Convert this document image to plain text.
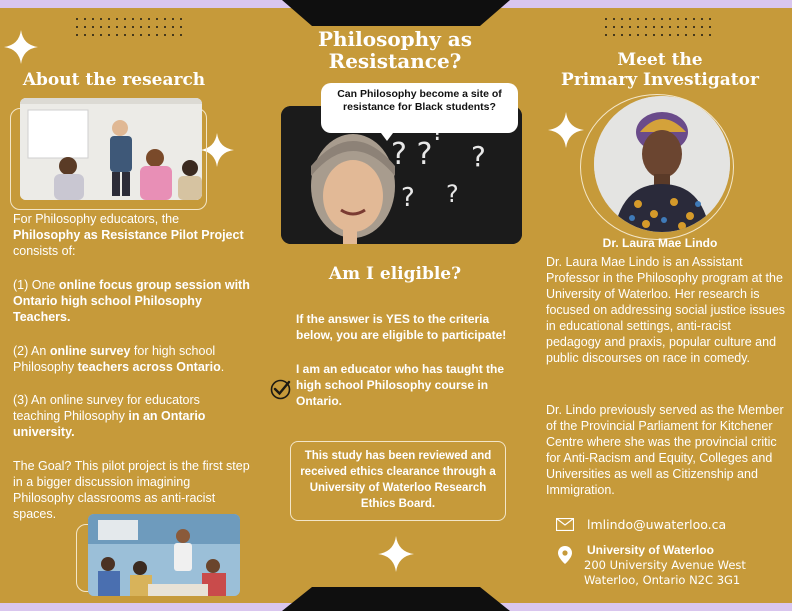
About the research
For Philosophy educators, the Philosophy as Resistance Pilot Project consists of:
(1) One online focus group session with Ontario high school Philosophy Teachers.
(2) An online survey for high school Philosophy teachers across Ontario.
(3) An online survey for educators teaching Philosophy in an Ontario university.
The Goal? This pilot project is the first step in a bigger discussion imagining Philosophy classrooms as anti-racist spaces.
Philosophy as Resistance?
? ? ?
? ?
Can Philosophy become a site of resistance for Black students?
Am I eligible?
If the answer is YES to the criteria below, you are eligible to participate!
I am an educator who has taught the high school Philosophy course in Ontario.
This study has been reviewed and received ethics clearance through a University of Waterloo Research Ethics Board.
Meet the
Primary Investigator
Dr. Laura Mae Lindo
Dr. Laura Mae Lindo is an Assistant Professor in the Philosophy program at the University of Waterloo. Her research is focused on addressing social justice issues in educational settings, anti-racist pedagogy and praxis, popular culture and public discourses on race in comedy.
Dr. Lindo previously served as the Member of the Provincial Parliament for Kitchener Centre where she was the provincial critic for Anti-Racism and Equity, Colleges and Universities as well as Citizenship and Immigration.
lmlindo@uwaterloo.ca
University of Waterloo
200 University Avenue West
Waterloo, Ontario N2C 3G1
